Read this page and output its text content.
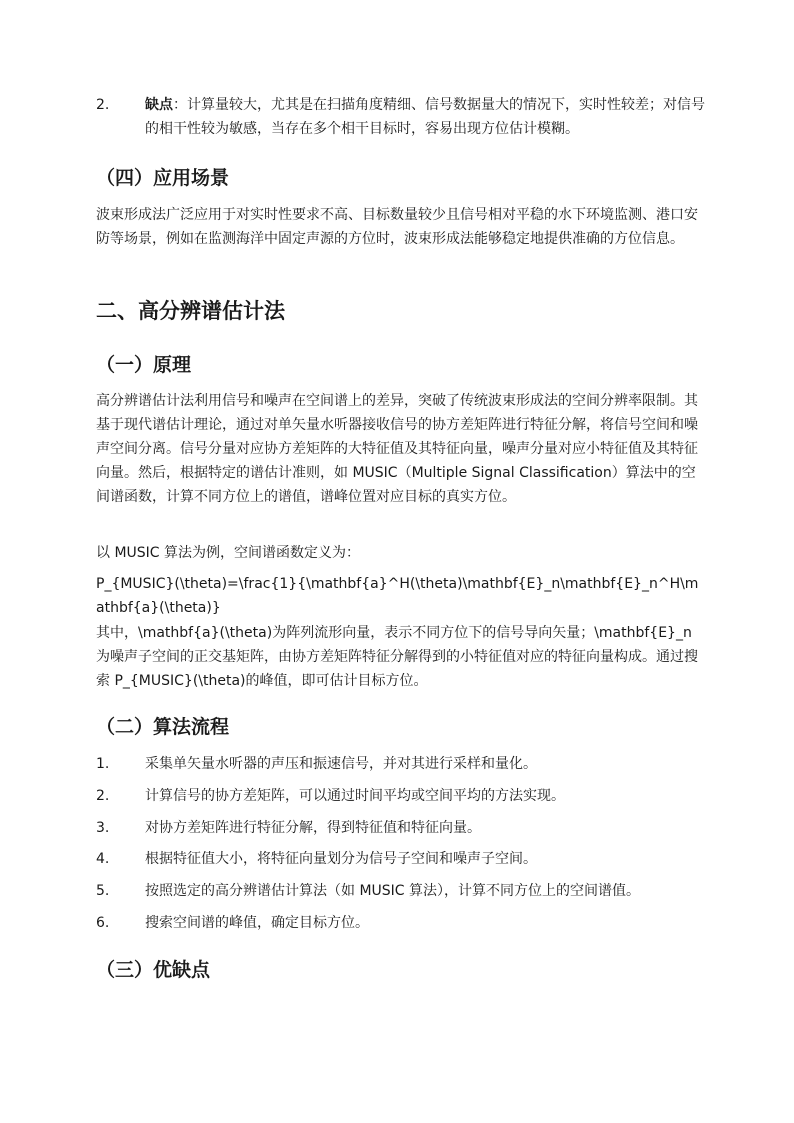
2.	缺点：计算量较大，尤其是在扫描角度精细、信号数据量大的情况下，实时性较差；对信号的相干性较为敏感，当存在多个相干目标时，容易出现方位估计模糊。
（四）应用场景
波束形成法广泛应用于对实时性要求不高、目标数量较少且信号相对平稳的水下环境监测、港口安防等场景，例如在监测海洋中固定声源的方位时，波束形成法能够稳定地提供准确的方位信息。
二、高分辨谱估计法
（一）原理
高分辨谱估计法利用信号和噪声在空间谱上的差异，突破了传统波束形成法的空间分辨率限制。其基于现代谱估计理论，通过对单矢量水听器接收信号的协方差矩阵进行特征分解，将信号空间和噪声空间分离。信号分量对应协方差矩阵的大特征值及其特征向量，噪声分量对应小特征值及其特征向量。然后，根据特定的谱估计准则，如 MUSIC（Multiple Signal Classification）算法中的空间谱函数，计算不同方位上的谱值，谱峰位置对应目标的真实方位。
以 MUSIC 算法为例，空间谱函数定义为：
P_{MUSIC}(\theta)=\frac{1}{\mathbf{a}^H(\theta)\mathbf{E}_n\mathbf{E}_n^H\mathbf{a}(\theta)}
其中，\mathbf{a}(\theta)为阵列流形向量，表示不同方位下的信号导向矢量；\mathbf{E}_n 为噪声子空间的正交基矩阵，由协方差矩阵特征分解得到的小特征值对应的特征向量构成。通过搜索 P_{MUSIC}(\theta)的峰值，即可估计目标方位。
（二）算法流程
1.	采集单矢量水听器的声压和振速信号，并对其进行采样和量化。
2.	计算信号的协方差矩阵，可以通过时间平均或空间平均的方法实现。
3.	对协方差矩阵进行特征分解，得到特征值和特征向量。
4.	根据特征值大小，将特征向量划分为信号子空间和噪声子空间。
5.	按照选定的高分辨谱估计算法（如 MUSIC 算法），计算不同方位上的空间谱值。
6.	搜索空间谱的峰值，确定目标方位。
（三）优缺点
